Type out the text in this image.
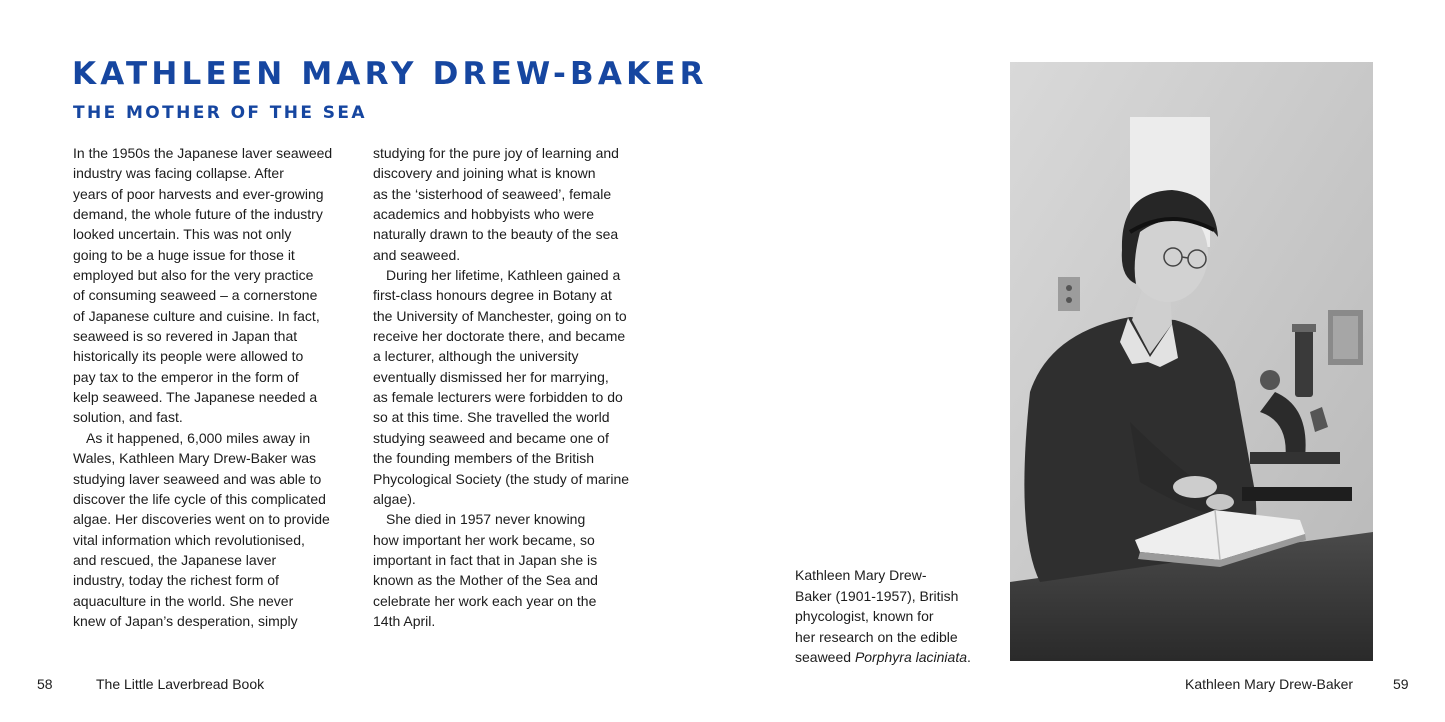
KATHLEEN MARY DREW-BAKER
THE MOTHER OF THE SEA

In the 1950s the Japanese laver seaweed
industry was facing collapse. After
years of poor harvests and ever-growing
demand, the whole future of the industry
looked uncertain. This was not only
going to be a huge issue for those it
employed but also for the very practice
of consuming seaweed – a cornerstone
of Japanese culture and cuisine. In fact,
seaweed is so revered in Japan that
historically its people were allowed to
pay tax to the emperor in the form of
kelp seaweed. The Japanese needed a
solution, and fast.

As it happened, 6,000 miles away in
Wales, Kathleen Mary Drew-Baker was
studying laver seaweed and was able to
discover the life cycle of this complicated
algae. Her discoveries went on to provide
vital information which revolutionised,
and rescued, the Japanese laver
industry, today the richest form of
aquaculture in the world. She never
knew of Japan’s desperation, simply

studying for the pure joy of learning and
discovery and joining what is known
as the ‘sisterhood of seaweed’, female
academics and hobbyists who were
naturally drawn to the beauty of the sea
and seaweed.

During her lifetime, Kathleen gained a
first-class honours degree in Botany at
the University of Manchester, going on to
receive her doctorate there, and became
a lecturer, although the university
eventually dismissed her for marrying,
as female lecturers were forbidden to do
so at this time. She travelled the world
studying seaweed and became one of
the founding members of the British
Phycological Society (the study of marine
algae).

She died in 1957 never knowing
how important her work became, so
important in fact that in Japan she is
known as the Mother of the Sea and
celebrate her work each year on the
14th April.

Kathleen Mary Drew-
Baker (1901-1957), British
phycologist, known for
her research on the edible
seaweed Porphyra laciniata.
58	The Little Laverbread Book	Kathleen Mary Drew-Baker	59
